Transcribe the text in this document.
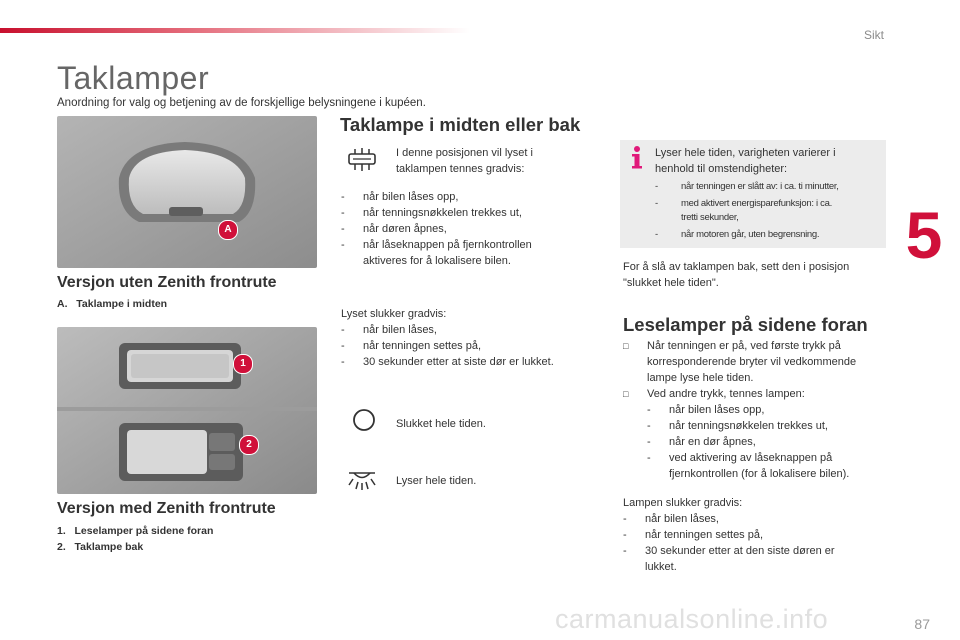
Sikt
5
Taklamper
Anordning for valg og betjening av de forskjellige belysningene i kupéen.
A
Versjon uten Zenith frontrute
A.   Taklampe i midten
1
2
Versjon med Zenith frontrute
1.   Leselamper på sidene foran
2.   Taklampe bak
Taklampe i midten eller bak
I denne posisjonen vil lyset i
taklampen tennes gradvis:
- når bilen låses opp,
- når tenningsnøkkelen trekkes ut,
- når døren åpnes,
- når låseknappen på fjernkontrollen
aktiveres for å lokalisere bilen.
Lyset slukker gradvis:
- når bilen låses,
- når tenningen settes på,
- 30 sekunder etter at siste dør er lukket.
Slukket hele tiden.
Lyser hele tiden.
Lyser hele tiden, varigheten varierer i
henhold til omstendigheter:
- når tenningen er slått av: i ca. ti minutter,
- med aktivert energisparefunksjon: i ca.
tretti sekunder,
- når motoren går, uten begrensning.
For å slå av taklampen bak, sett den i posisjon
"slukket hele tiden".
Leselamper på sidene foran
□ Når tenningen er på, ved første trykk på
korresponderende bryter vil vedkommende
lampe lyse hele tiden.
□ Ved andre trykk, tennes lampen:
- når bilen låses opp,
- når tenningsnøkkelen trekkes ut,
- når en dør åpnes,
- ved aktivering av låseknappen på
fjernkontrollen (for å lokalisere bilen).
Lampen slukker gradvis:
- når bilen låses,
- når tenningen settes på,
- 30 sekunder etter at den siste døren er
lukket.
carmanualsonline.info	87
